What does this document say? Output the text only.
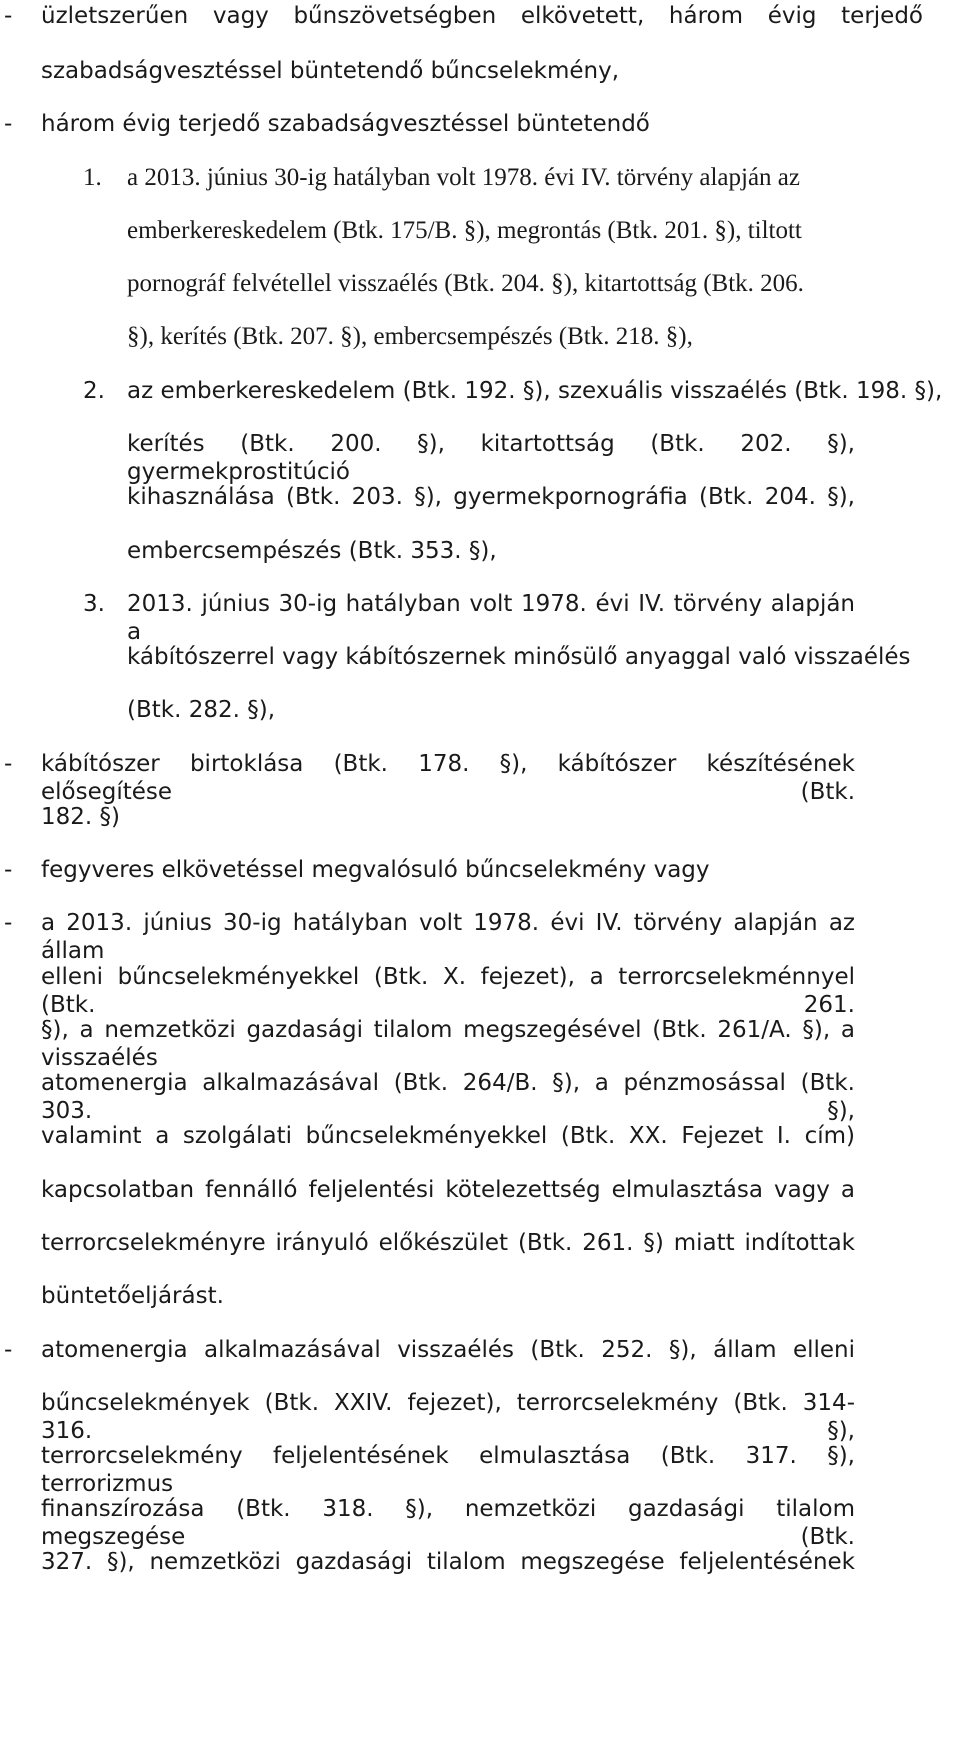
- üzletszerűen vagy bűnszövetségben elkövetett, három évig terjedő
szabadságvesztéssel büntetendő bűncselekmény,
- három évig terjedő szabadságvesztéssel büntetendő
1. a 2013. június 30-ig hatályban volt 1978. évi IV. törvény alapján az
emberkereskedelem (Btk. 175/B. §), megrontás (Btk. 201. §), tiltott
pornográf felvétellel visszaélés (Btk. 204. §), kitartottság (Btk. 206.
§), kerítés (Btk. 207. §), embercsempészés (Btk. 218. §),
2. az emberkereskedelem (Btk. 192. §), szexuális visszaélés (Btk. 198. §),
kerítés (Btk. 200. §), kitartottság (Btk. 202. §), gyermekprostitúció
kihasználása (Btk. 203. §), gyermekpornográfia (Btk. 204. §),
embercsempészés (Btk. 353. §),
3. 2013. június 30-ig hatályban volt 1978. évi IV. törvény alapján a
kábítószerrel vagy kábítószernek minősülő anyaggal való visszaélés
(Btk. 282. §),
- kábítószer birtoklása (Btk. 178. §), kábítószer készítésének elősegítése (Btk.
182. §)
- fegyveres elkövetéssel megvalósuló bűncselekmény vagy
- a 2013. június 30-ig hatályban volt 1978. évi IV. törvény alapján az állam
elleni bűncselekményekkel (Btk. X. fejezet), a terrorcselekménnyel (Btk. 261.
§), a nemzetközi gazdasági tilalom megszegésével (Btk. 261/A. §), a visszaélés
atomenergia alkalmazásával (Btk. 264/B. §), a pénzmosással (Btk. 303. §),
valamint a szolgálati bűncselekményekkel (Btk. XX. Fejezet I. cím)
kapcsolatban fennálló feljelentési kötelezettség elmulasztása vagy a
terrorcselekményre irányuló előkészület (Btk. 261. §) miatt indítottak
büntetőeljárást.
- atomenergia alkalmazásával visszaélés (Btk. 252. §), állam elleni
bűncselekmények (Btk. XXIV. fejezet), terrorcselekmény (Btk. 314-316. §),
terrorcselekmény feljelentésének elmulasztása (Btk. 317. §), terrorizmus
finanszírozása (Btk. 318. §), nemzetközi gazdasági tilalom megszegése (Btk.
327. §), nemzetközi gazdasági tilalom megszegése feljelentésének
